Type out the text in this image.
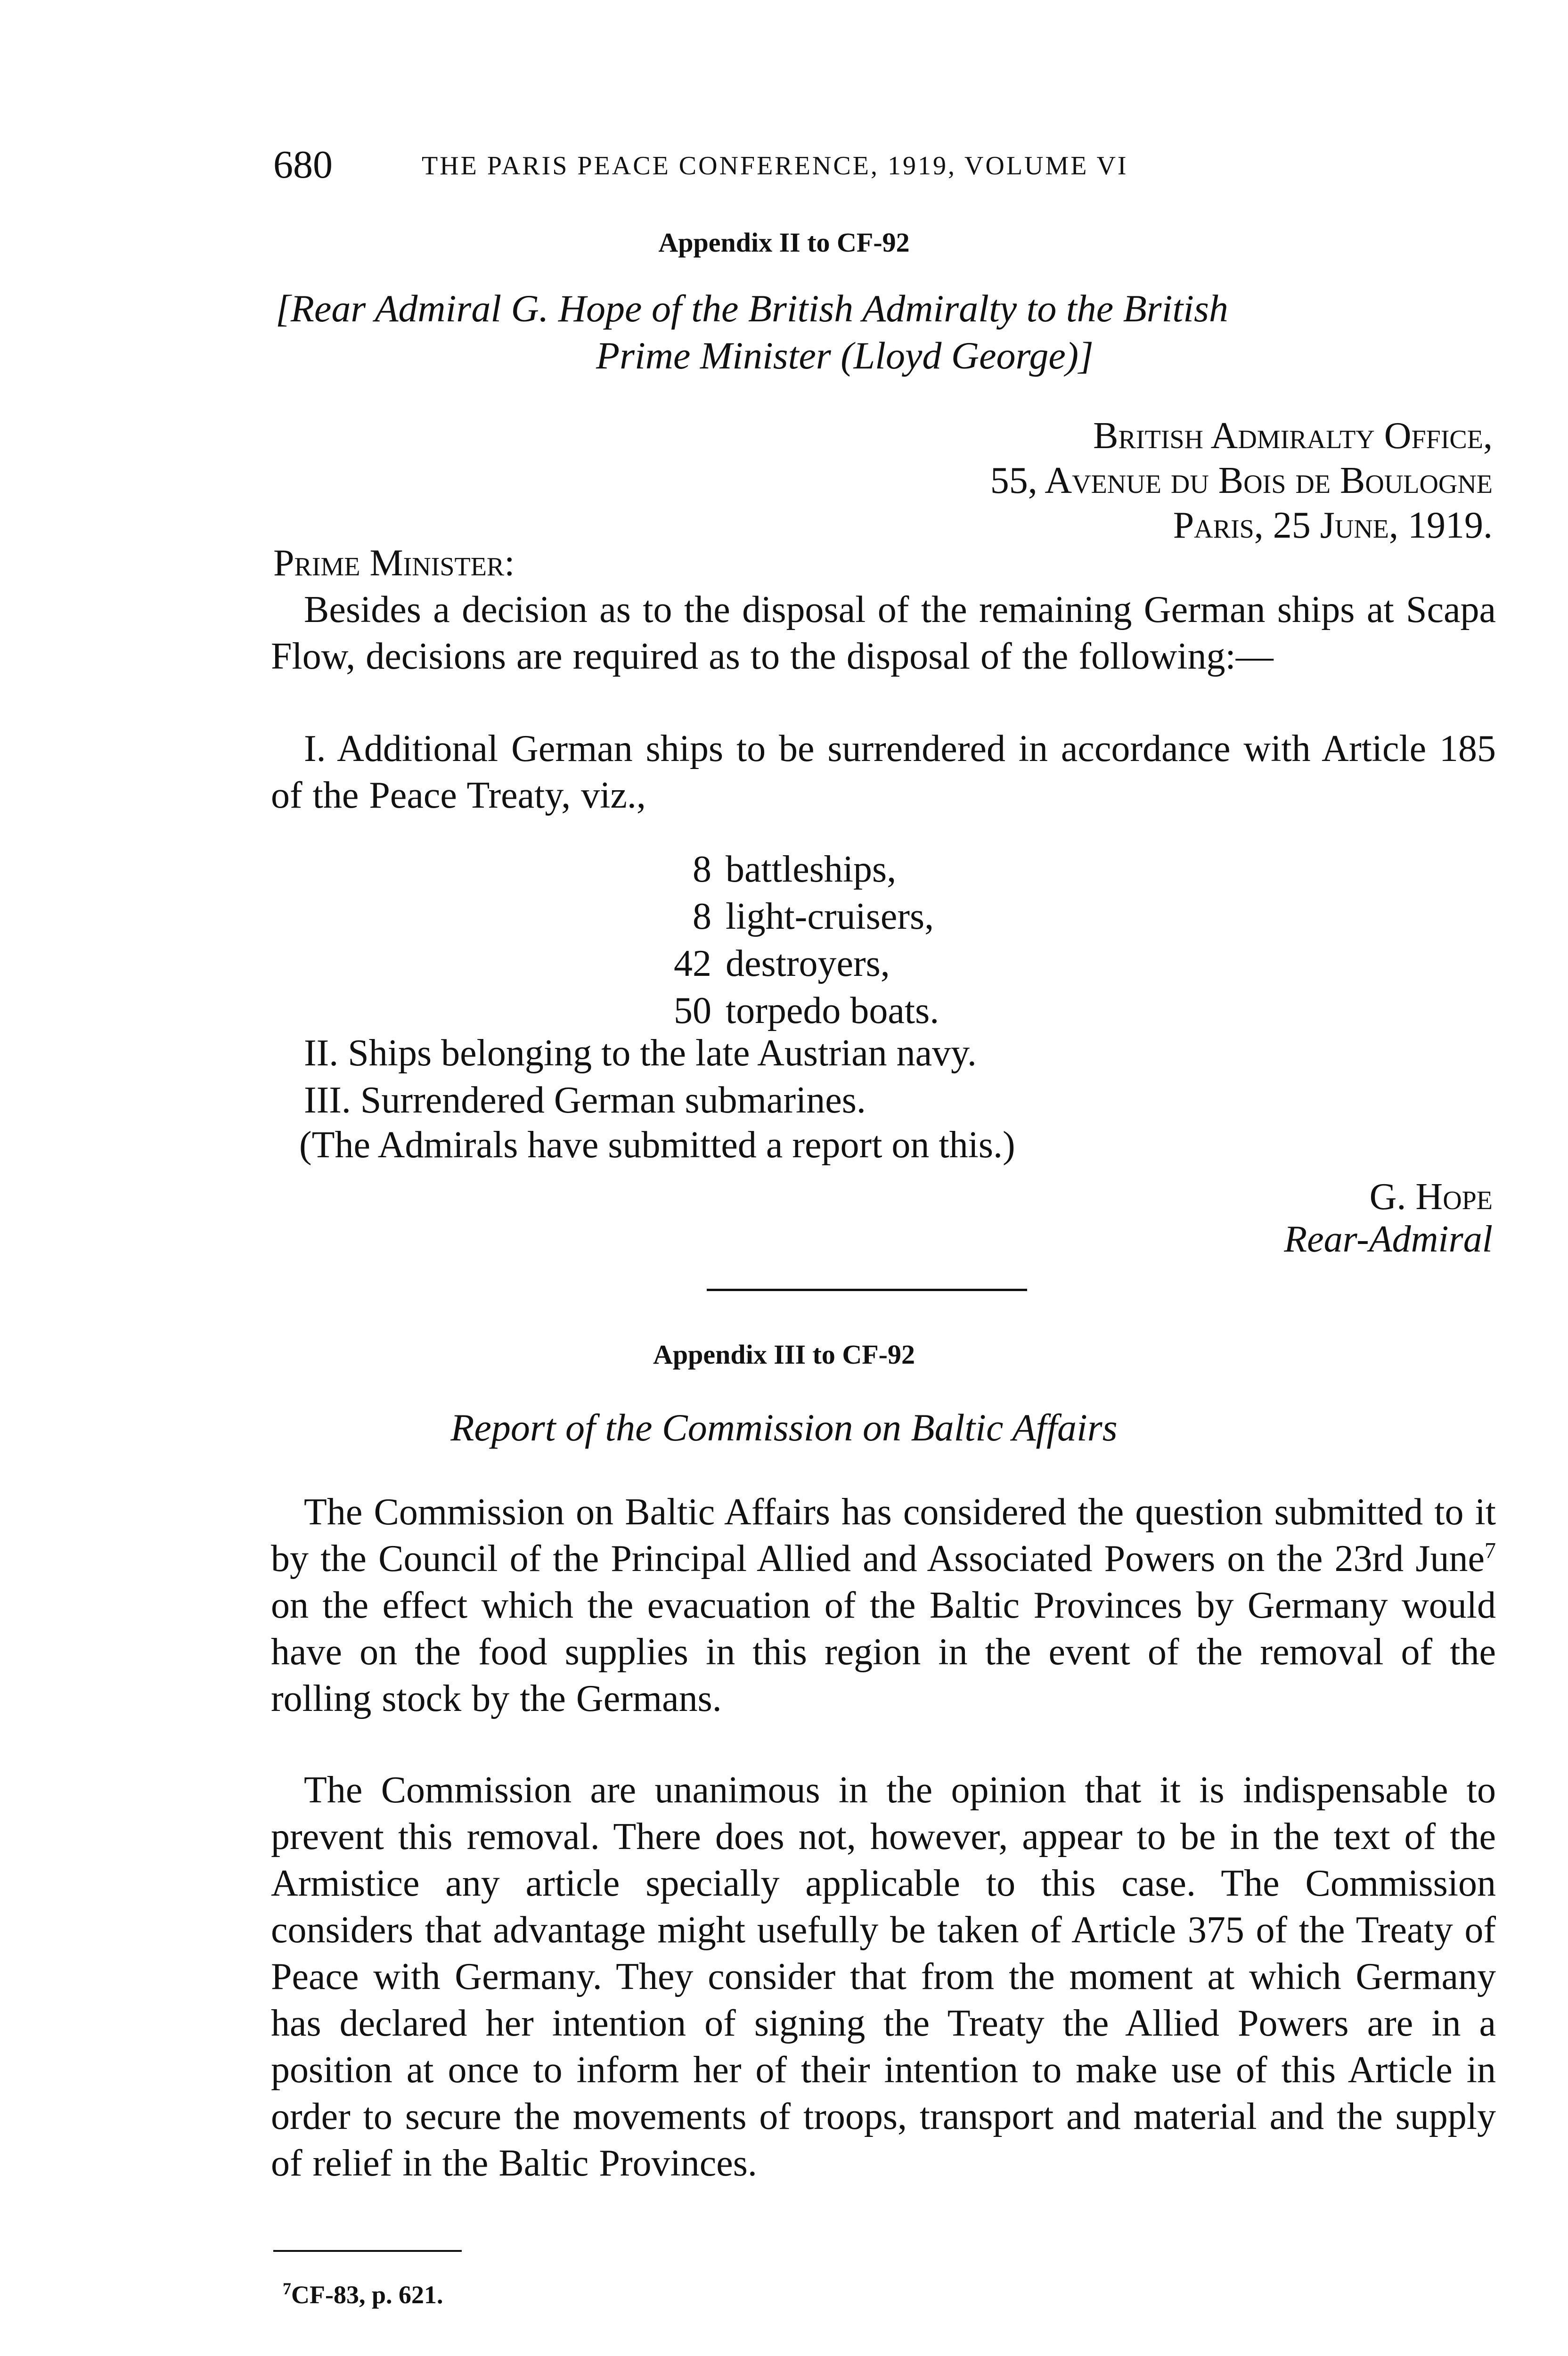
680	THE PARIS PEACE CONFERENCE, 1919, VOLUME VI
Appendix II to CF-92
[Rear Admiral G. Hope of the British Admiralty to the British
Prime Minister (Lloyd George)]
British Admiralty Office,
55, Avenue du Bois de Boulogne
Paris, 25 June, 1919.
Prime Minister:

Besides a decision as to the disposal of the remaining German ships at Scapa Flow, decisions are required as to the disposal of the following:—

I. Additional German ships to be surrendered in accordance with Article 185 of the Peace Treaty, viz.,

8 battleships,
8 light-cruisers,
42 destroyers,
50 torpedo boats.
II. Ships belonging to the late Austrian navy.
III. Surrendered German submarines.
(The Admirals have submitted a report on this.)
G. Hope
Rear-Admiral
Appendix III to CF-92
Report of the Commission on Baltic Affairs

The Commission on Baltic Affairs has considered the question submitted to it by the Council of the Principal Allied and Associated Powers on the 23rd June$^7$ on the effect which the evacuation of the Baltic Provinces by Germany would have on the food supplies in this region in the event of the removal of the rolling stock by the Germans.

The Commission are unanimous in the opinion that it is indispensable to prevent this removal. There does not, however, appear to be in the text of the Armistice any article specially applicable to this case. The Commission considers that advantage might usefully be taken of Article 375 of the Treaty of Peace with Germany. They consider that from the moment at which Germany has declared her intention of signing the Treaty the Allied Powers are in a position at once to inform her of their intention to make use of this Article in order to secure the movements of troops, transport and material and the supply of relief in the Baltic Provinces.

$^7$CF-83, p. 621.
